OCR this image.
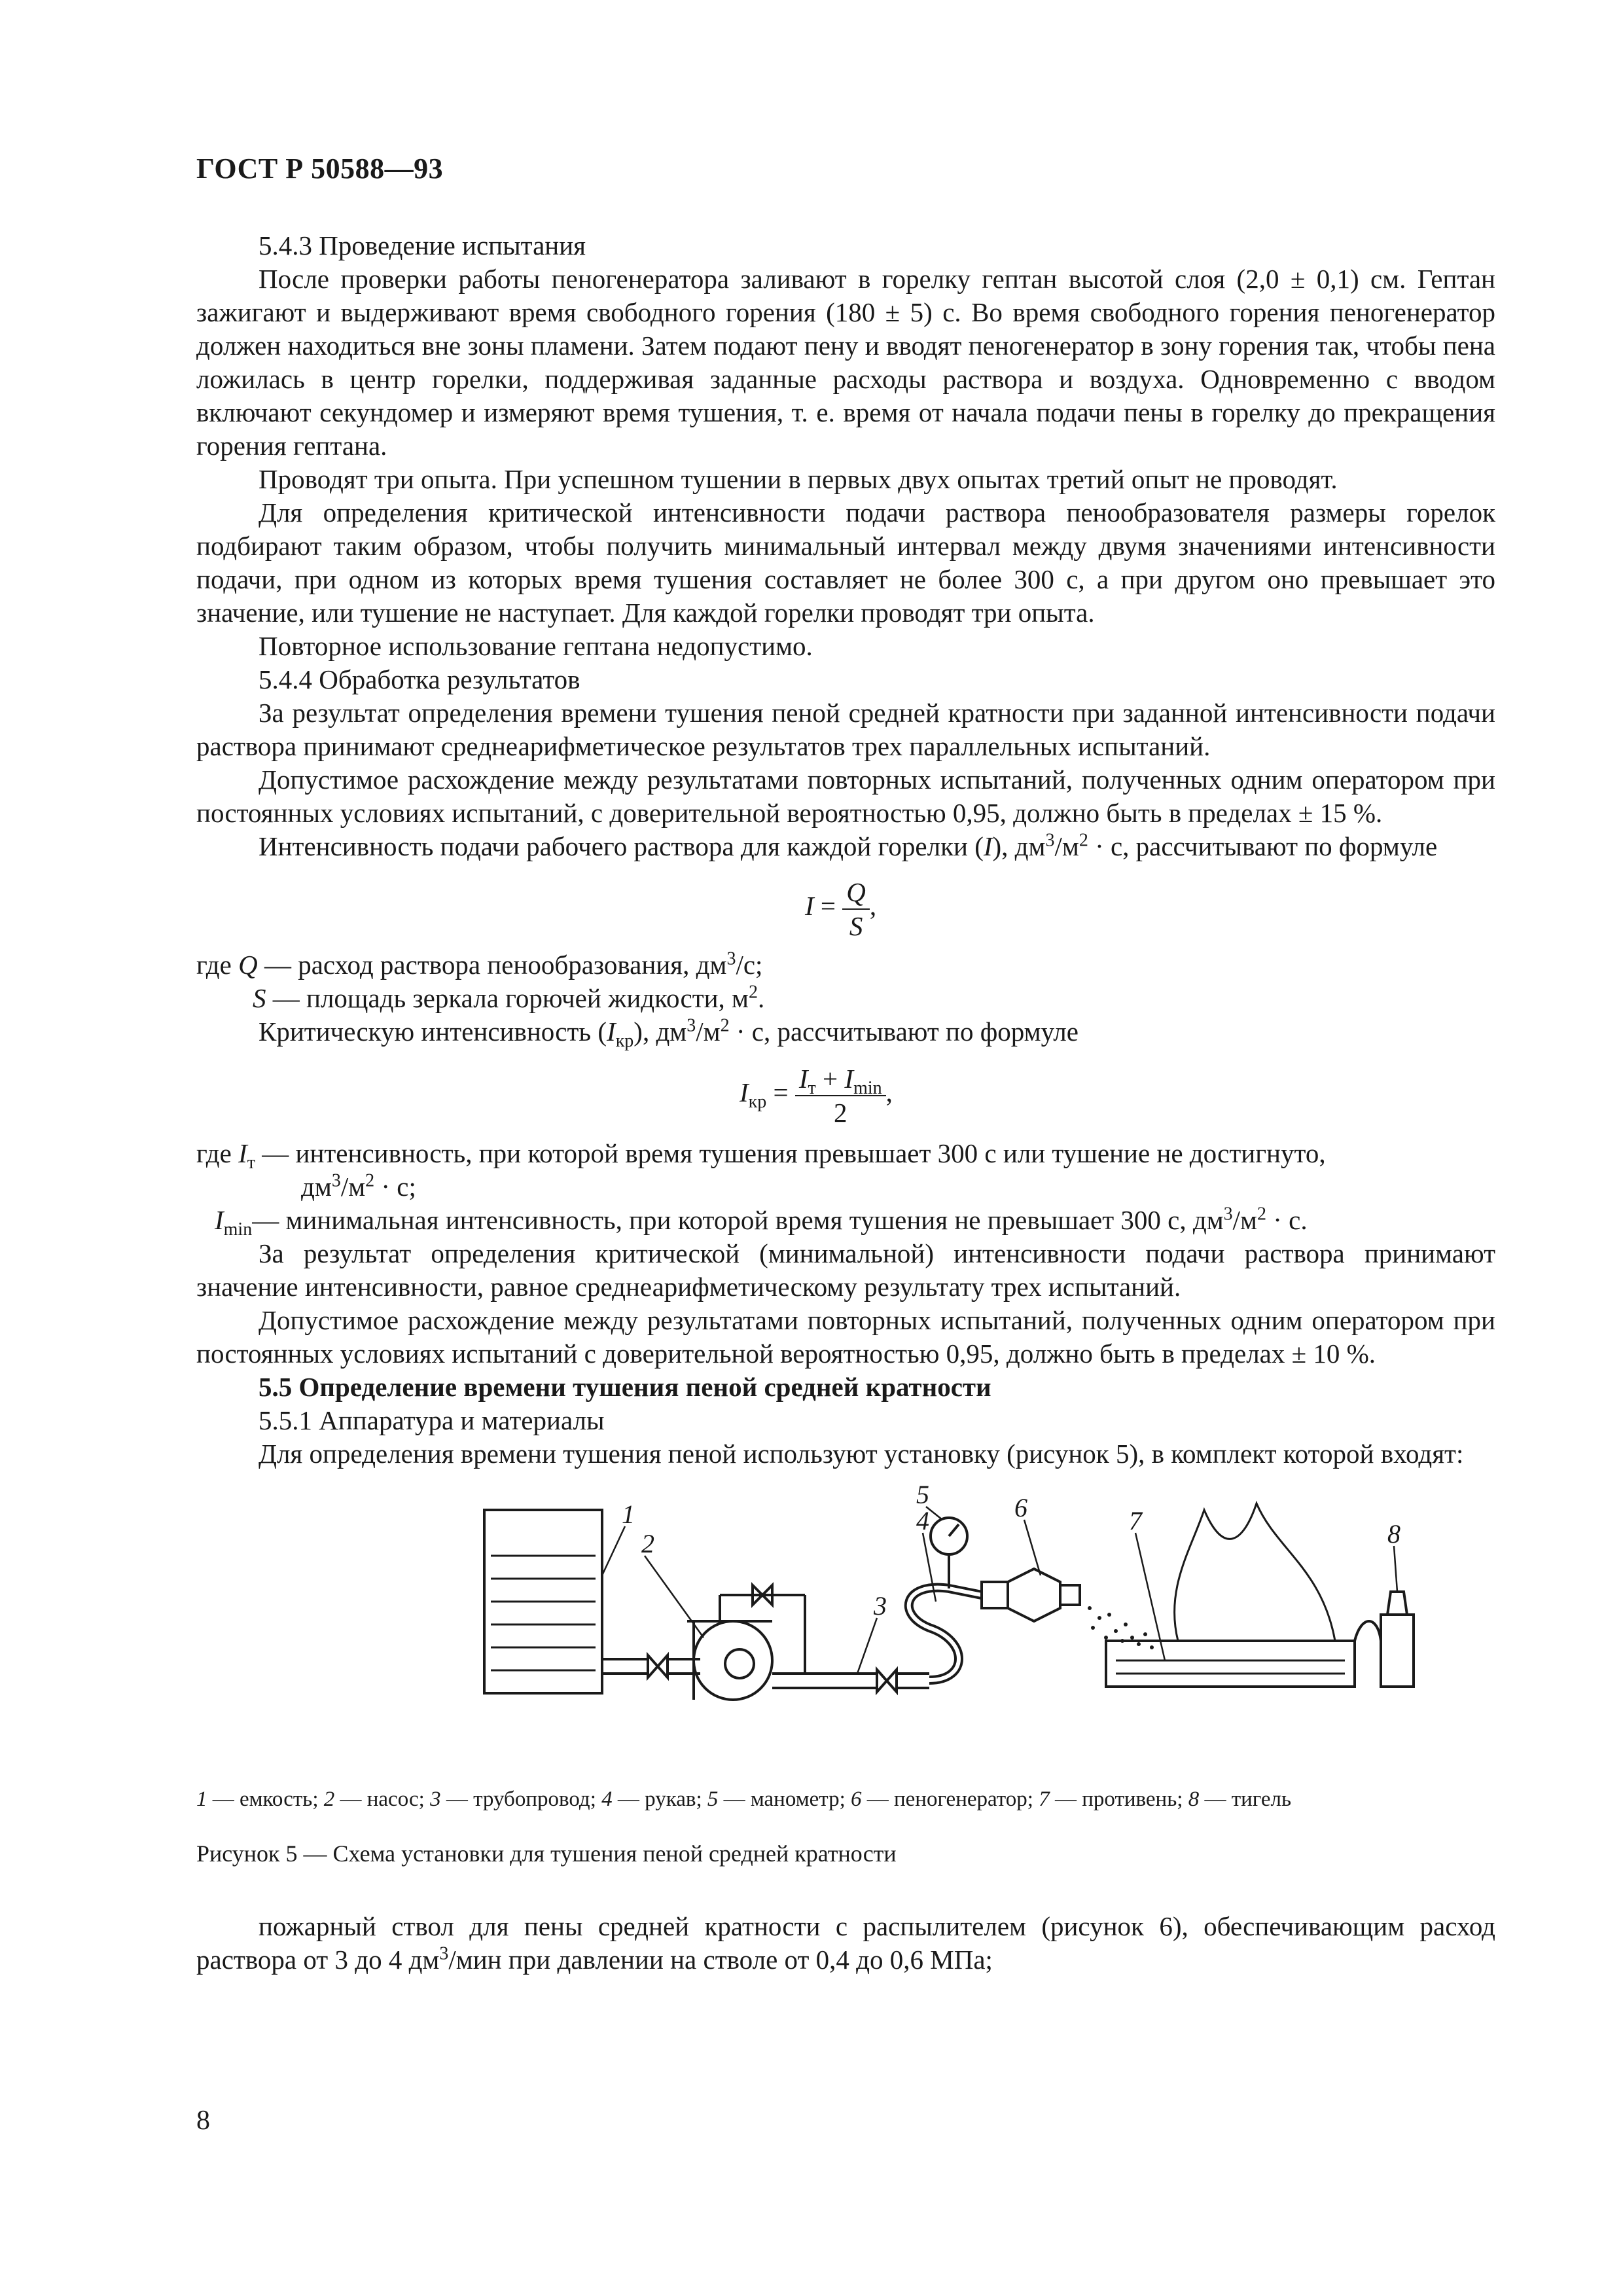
ГОСТ Р 50588—93

5.4.3 Проведение испытания

После проверки работы пеногенератора заливают в горелку гептан высотой слоя (2,0 ± 0,1) см. Гептан зажигают и выдерживают время свободного горения (180 ± 5) с. Во время свободного горения пеногенератор должен находиться вне зоны пламени. Затем подают пену и вводят пеногенератор в зону горения так, чтобы пена ложилась в центр горелки, поддерживая заданные расходы раствора и воздуха. Одновременно с вводом включают секундомер и измеряют время тушения, т. е. время от начала подачи пены в горелку до прекращения горения гептана.

Проводят три опыта. При успешном тушении в первых двух опытах третий опыт не проводят.

Для определения критической интенсивности подачи раствора пенообразователя размеры горелок подбирают таким образом, чтобы получить минимальный интервал между двумя значениями интенсивности подачи, при одном из которых время тушения составляет не более 300 с, а при другом оно превышает это значение, или тушение не наступает. Для каждой горелки проводят три опыта.

Повторное использование гептана недопустимо.

5.4.4 Обработка результатов

За результат определения времени тушения пеной средней кратности при заданной интенсивности подачи раствора принимают среднеарифметическое результатов трех параллельных испытаний.

Допустимое расхождение между результатами повторных испытаний, полученных одним оператором при постоянных условиях испытаний, с доверительной вероятностью 0,95, должно быть в пределах ± 15 %.

Интенсивность подачи рабочего раствора для каждой горелки (I), $дм^3/м^2 \cdot с$, рассчитывают по формуле

$I = \frac{Q}{S}$ ,

где Q — расход раствора пенообразования, $дм^3/с$;

S — площадь зеркала горючей жидкости, $м^2$.

Критическую интенсивность $(I_{кр})$, $дм^3/м^2 \cdot с$, рассчитывают по формуле

$I_{кр} = \frac{I_т + I_{min}}{2}$ ,

где $I_т$ — интенсивность, при которой время тушения превышает 300 с или тушение не достигнуто,

$дм^3/м^2 \cdot с$;

$I_{min}—$ минимальная интенсивность, при которой время тушения не превышает 300 с, $дм^3/м^2 \cdot с$.

За результат определения критической (минимальной) интенсивности подачи раствора принимают значение интенсивности, равное среднеарифметическому результату трех испытаний.

Допустимое расхождение между результатами повторных испытаний, полученных одним оператором при постоянных условиях испытаний с доверительной вероятностью 0,95, должно быть в пределах ± 10 %.

5.5 Определение времени тушения пеной средней кратности

5.5.1 Аппаратура и материалы

Для определения времени тушения пеной используют установку (рисунок 5), в комплект которой входят:

1
2
3
4
5	6	7	8

1 — емкость; 2 — насос; 3 — трубопровод; 4 — рукав; 5 — манометр; 6 — пеногенератор; 7 — противень; 8 — тигель

Рисунок 5 — Схема установки для тушения пеной средней кратности

пожарный ствол для пены средней кратности с распылителем (рисунок 6), обеспечивающим расход раствора от 3 до 4 $дм^3$/мин при давлении на стволе от 0,4 до 0,6 МПа;

8
